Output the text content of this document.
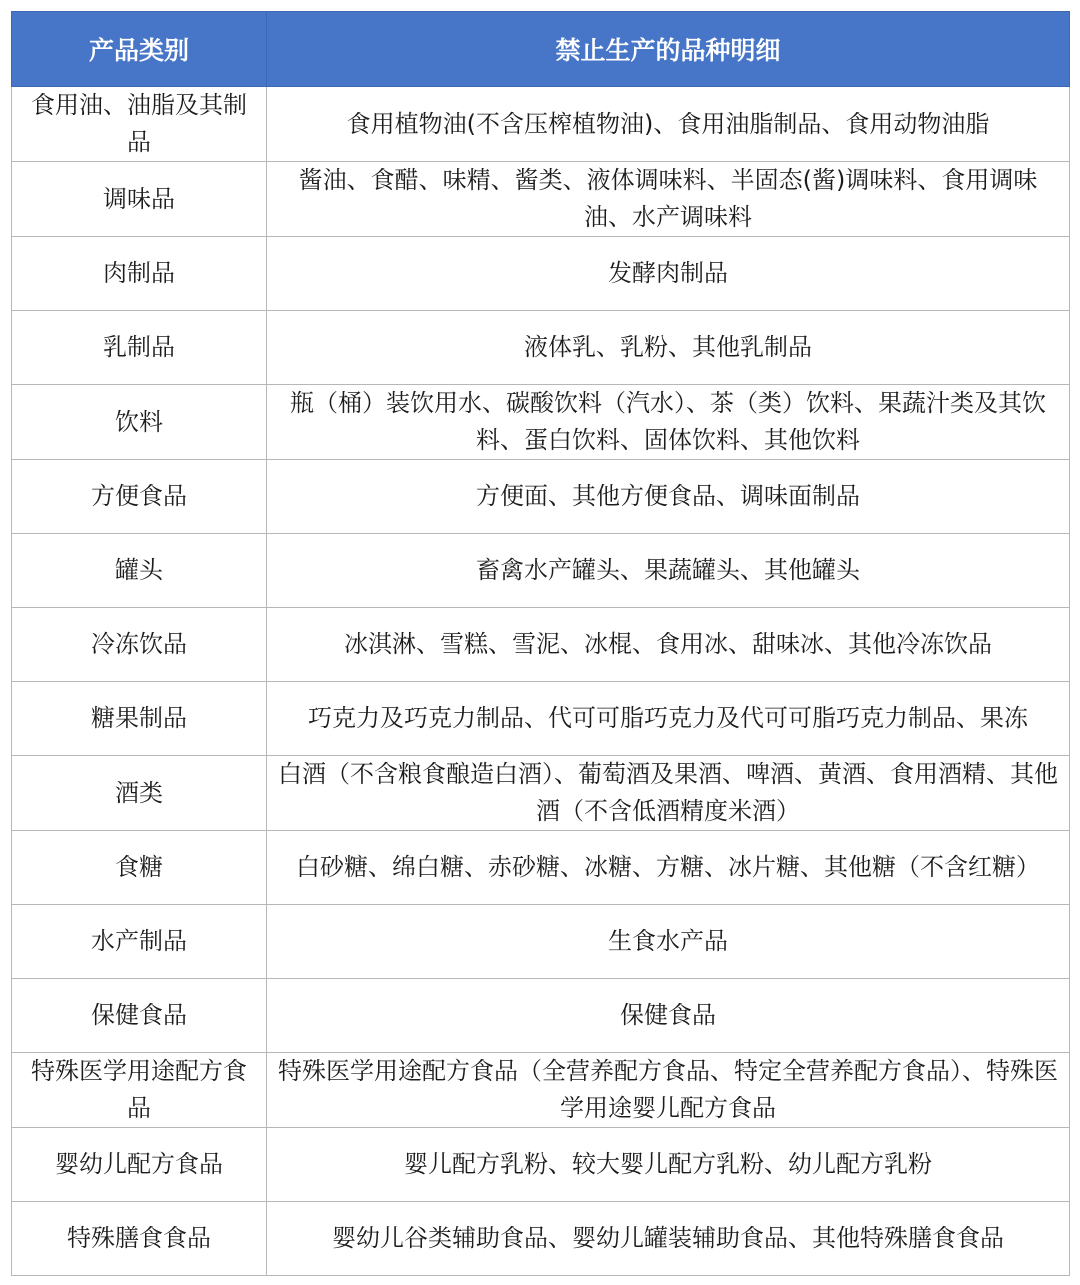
产品类别	禁止生产的品种明细
食用油、油脂及其制品	食用植物油(不含压榨植物油)、食用油脂制品、食用动物油脂
调味品	酱油、食醋、味精、酱类、液体调味料、半固态(酱)调味料、食用调味油、水产调味料
肉制品	发酵肉制品
乳制品	液体乳、乳粉、其他乳制品
饮料	瓶（桶）装饮用水、碳酸饮料（汽水）、茶（类）饮料、果蔬汁类及其饮料、蛋白饮料、固体饮料、其他饮料
方便食品	方便面、其他方便食品、调味面制品
罐头	畜禽水产罐头、果蔬罐头、其他罐头
冷冻饮品	冰淇淋、雪糕、雪泥、冰棍、食用冰、甜味冰、其他冷冻饮品
糖果制品	巧克力及巧克力制品、代可可脂巧克力及代可可脂巧克力制品、果冻
酒类	白酒（不含粮食酿造白酒）、葡萄酒及果酒、啤酒、黄酒、食用酒精、其他酒（不含低酒精度米酒）
食糖	白砂糖、绵白糖、赤砂糖、冰糖、方糖、冰片糖、其他糖（不含红糖）
水产制品	生食水产品
保健食品	保健食品
特殊医学用途配方食品	特殊医学用途配方食品（全营养配方食品、特定全营养配方食品）、特殊医学用途婴儿配方食品
婴幼儿配方食品	婴儿配方乳粉、较大婴儿配方乳粉、幼儿配方乳粉
特殊膳食食品	婴幼儿谷类辅助食品、婴幼儿罐装辅助食品、其他特殊膳食食品
